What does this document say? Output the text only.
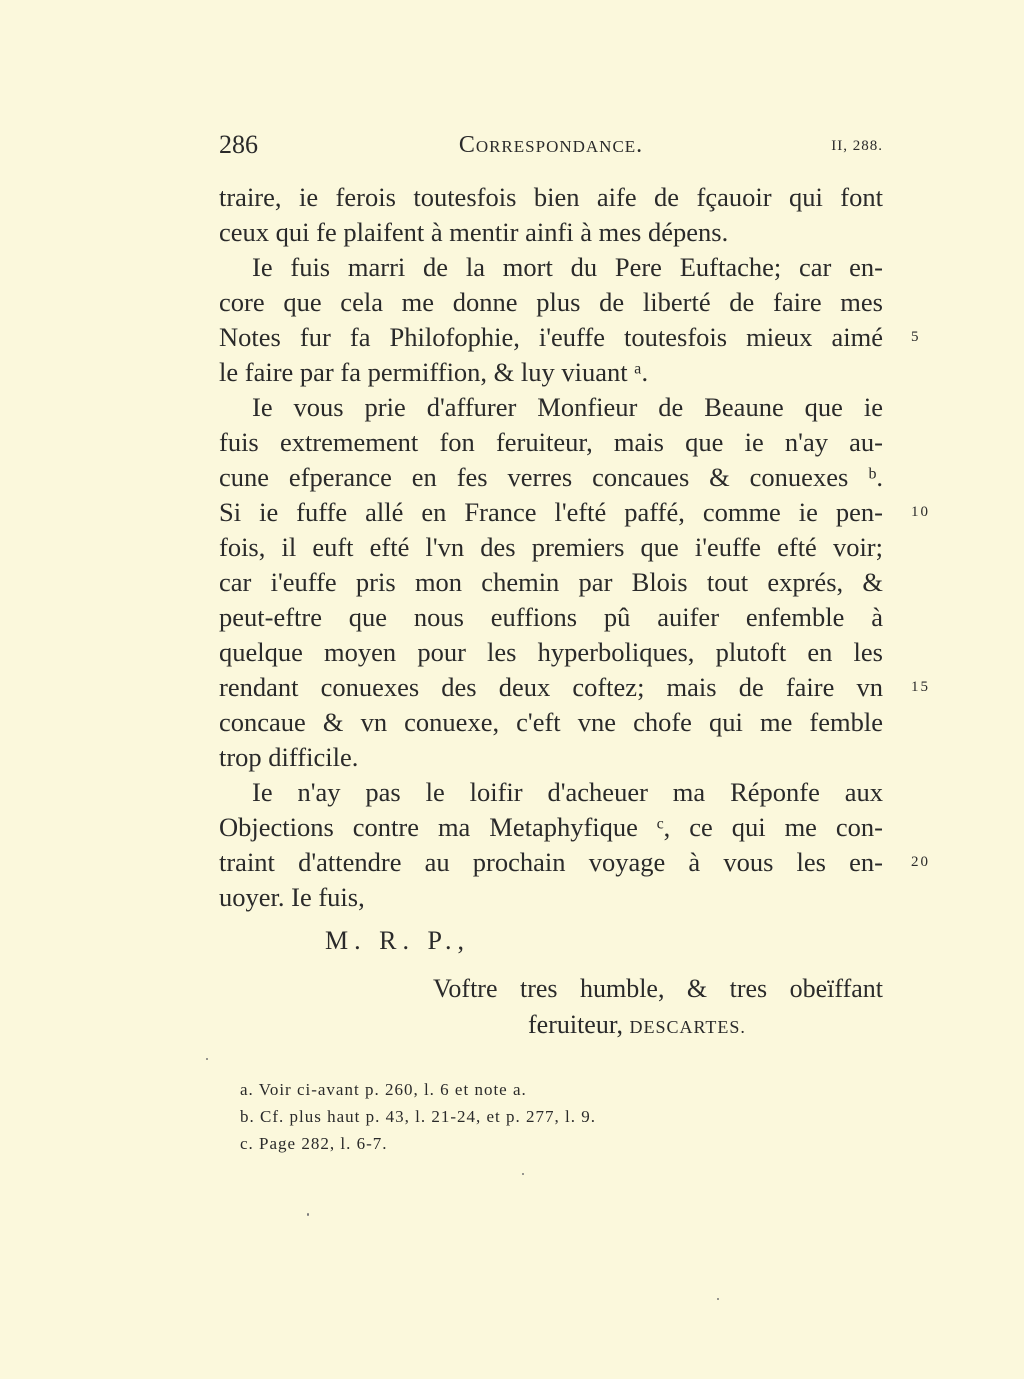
286	Correspondance.	II, 288.
traire, ie ferois toutesfois bien aife de fçauoir qui font
ceux qui fe plaifent à mentir ainfi à mes dépens.
Ie fuis marri de la mort du Pere Euftache; car en-
core que cela me donne plus de liberté de faire mes
Notes fur fa Philofophie, i'euffe toutesfois mieux aimé 5
le faire par fa permiffion, & luy viuant ᵃ.
Ie vous prie d'affurer Monfieur de Beaune que ie
fuis extremement fon feruiteur, mais que ie n'ay au-
cune efperance en fes verres concaues & conuexes ᵇ.
Si ie fuffe allé en France l'efté paffé, comme ie pen- 10
fois, il euft efté l'vn des premiers que i'euffe efté voir;
car i'euffe pris mon chemin par Blois tout exprés, &
peut-eftre que nous euffions pû auifer enfemble à
quelque moyen pour les hyperboliques, plutoft en les
rendant conuexes des deux coftez; mais de faire vn 15
concaue & vn conuexe, c'eft vne chofe qui me femble
trop difficile.
Ie n'ay pas le loifir d'acheuer ma Réponfe aux
Objections contre ma Metaphyfique ᶜ, ce qui me con-
traint d'attendre au prochain voyage à vous les en- 20
uoyer. Ie fuis,
M. R. P.,
Voftre tres humble, & tres obeïffant
feruiteur, DESCARTES.
a. Voir ci-avant p. 260, l. 6 et note a.
b. Cf. plus haut p. 43, l. 21-24, et p. 277, l. 9.
c. Page 282, l. 6-7.
